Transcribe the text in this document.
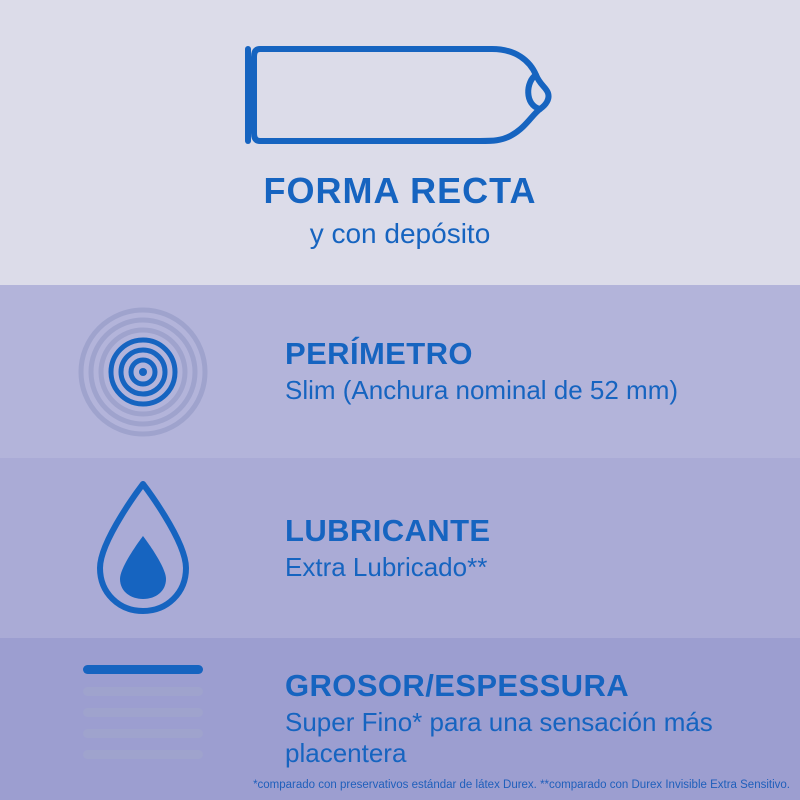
FORMA RECTA

y con depósito

PERÍMETRO

Slim (Anchura nominal de 52 mm)

LUBRICANTE

Extra Lubricado**

GROSOR/ESPESSURA

Super Fino* para una sensación más placentera

*comparado con preservativos estándar de látex Durex. **comparado con Durex Invisible Extra Sensitivo.
